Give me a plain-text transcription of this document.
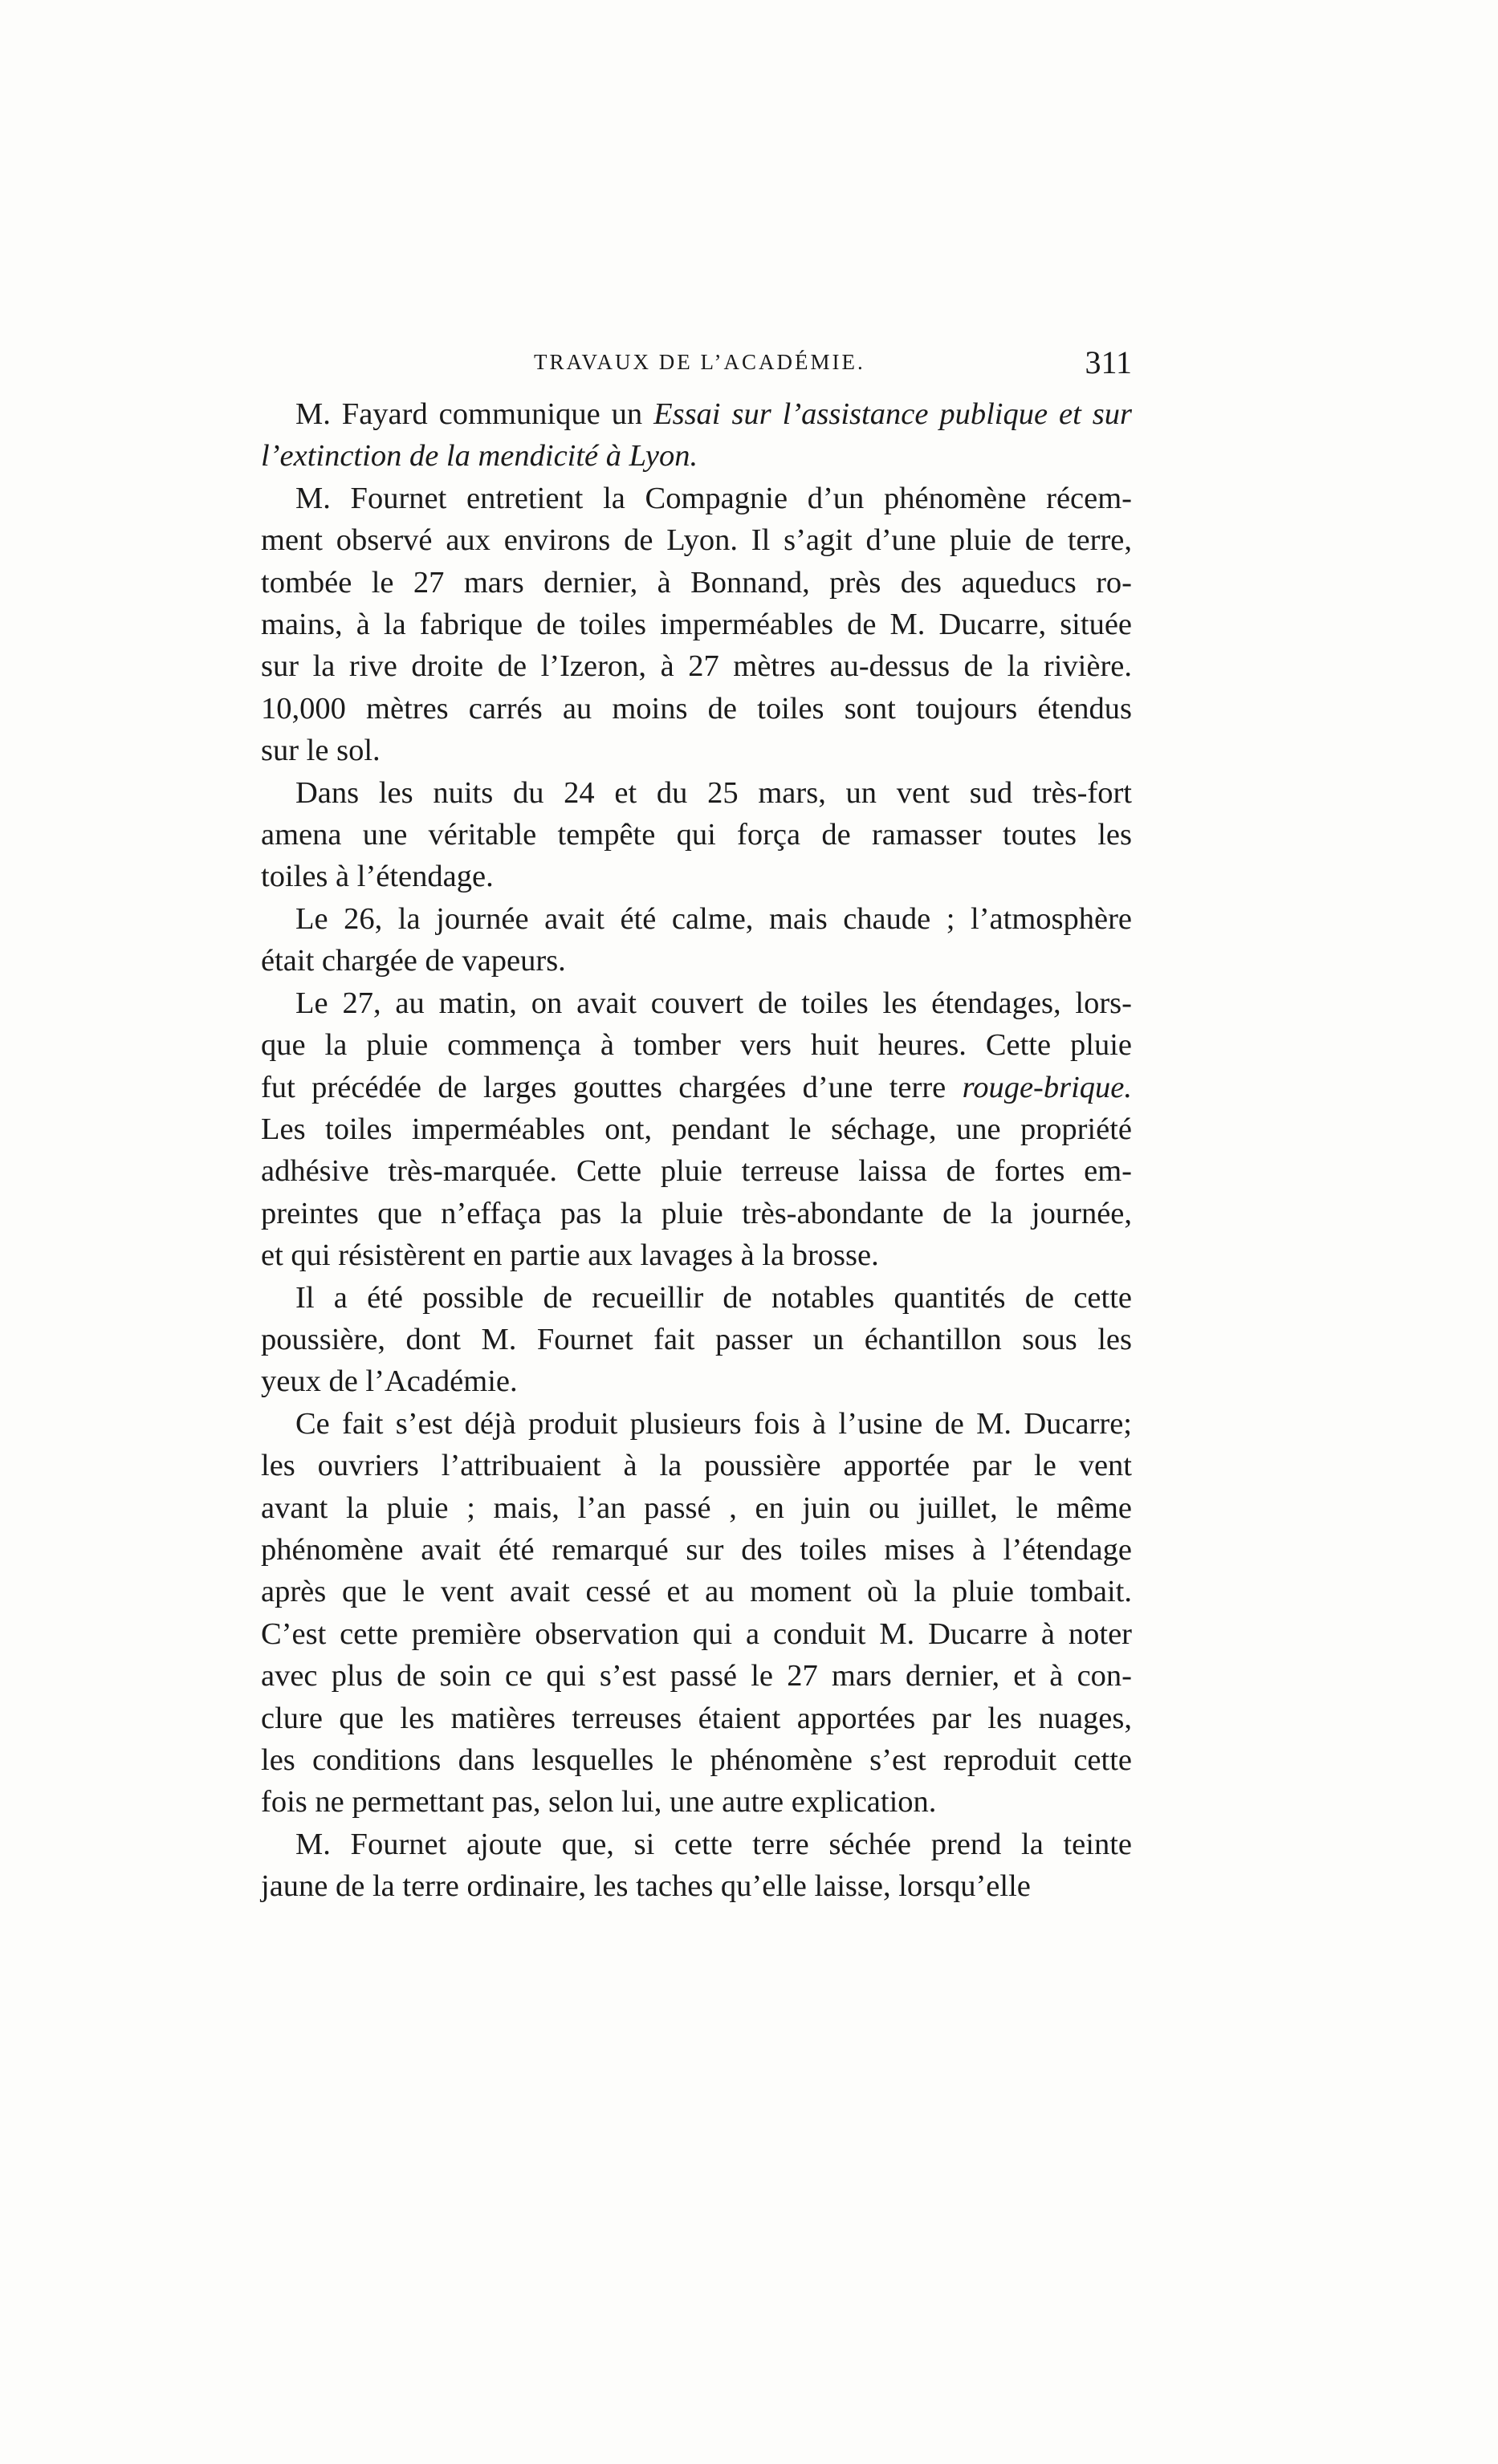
TRAVAUX DE L’ACADÉMIE.	311
M. Fayard communique un Essai sur l’assistance publique et sur
l’extinction de la mendicité à Lyon.
M. Fournet entretient la Compagnie d’un phénomène récem-
ment observé aux environs de Lyon. Il s’agit d’une pluie de terre,
tombée le 27 mars dernier, à Bonnand, près des aqueducs ro-
mains, à la fabrique de toiles imperméables de M. Ducarre, située
sur la rive droite de l’Izeron, à 27 mètres au-dessus de la rivière.
10,000 mètres carrés au moins de toiles sont toujours étendus
sur le sol.
Dans les nuits du 24 et du 25 mars, un vent sud très-fort
amena une véritable tempête qui força de ramasser toutes les
toiles à l’étendage.
Le 26, la journée avait été calme, mais chaude ; l’atmosphère
était chargée de vapeurs.
Le 27, au matin, on avait couvert de toiles les étendages, lors-
que la pluie commença à tomber vers huit heures. Cette pluie
fut précédée de larges gouttes chargées d’une terre rouge-brique.
Les toiles imperméables ont, pendant le séchage, une propriété
adhésive très-marquée. Cette pluie terreuse laissa de fortes em-
preintes que n’effaça pas la pluie très-abondante de la journée,
et qui résistèrent en partie aux lavages à la brosse.
Il a été possible de recueillir de notables quantités de cette
poussière, dont M. Fournet fait passer un échantillon sous les
yeux de l’Académie.
Ce fait s’est déjà produit plusieurs fois à l’usine de M. Ducarre;
les ouvriers l’attribuaient à la poussière apportée par le vent
avant la pluie ; mais, l’an passé , en juin ou juillet, le même
phénomène avait été remarqué sur des toiles mises à l’étendage
après que le vent avait cessé et au moment où la pluie tombait.
C’est cette première observation qui a conduit M. Ducarre à noter
avec plus de soin ce qui s’est passé le 27 mars dernier, et à con-
clure que les matières terreuses étaient apportées par les nuages,
les conditions dans lesquelles le phénomène s’est reproduit cette
fois ne permettant pas, selon lui, une autre explication.
M. Fournet ajoute que, si cette terre séchée prend la teinte
jaune de la terre ordinaire, les taches qu’elle laisse, lorsqu’elle
